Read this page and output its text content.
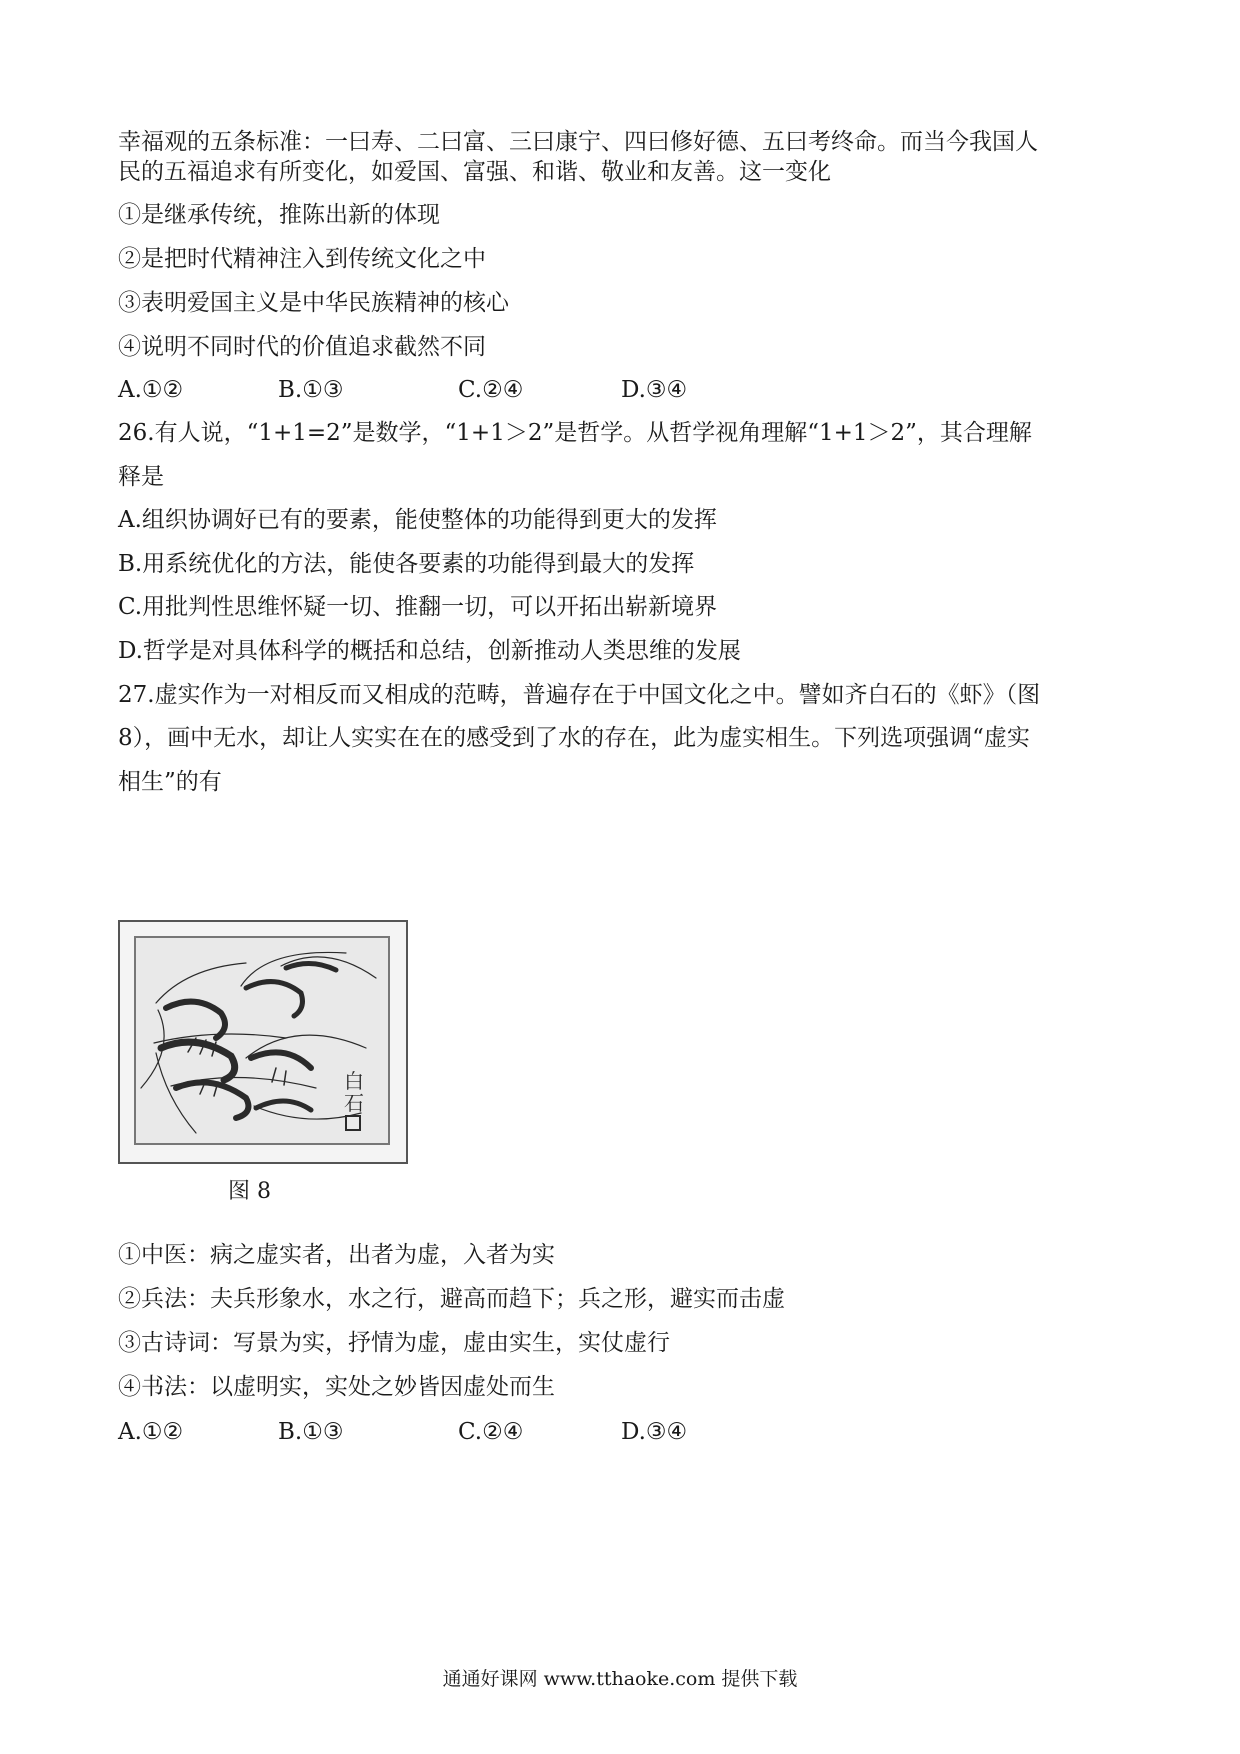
幸福观的五条标准：一曰寿、二曰富、三曰康宁、四曰修好德、五曰考终命。而当今我国人
民的五福追求有所变化，如爱国、富强、和谐、敬业和友善。这一变化
①是继承传统，推陈出新的体现
②是把时代精神注入到传统文化之中
③表明爱国主义是中华民族精神的核心
④说明不同时代的价值追求截然不同
A.①②	B.①③	C.②④	D.③④
26.有人说，“1+1=2”是数学，“1+1＞2”是哲学。从哲学视角理解“1+1＞2”，其合理解
释是
A.组织协调好已有的要素，能使整体的功能得到更大的发挥
B.用系统优化的方法，能使各要素的功能得到最大的发挥
C.用批判性思维怀疑一切、推翻一切，可以开拓出崭新境界
D.哲学是对具体科学的概括和总结，创新推动人类思维的发展
27.虚实作为一对相反而又相成的范畴，普遍存在于中国文化之中。譬如齐白石的《虾》（图
8），画中无水，却让人实实在在的感受到了水的存在，此为虚实相生。下列选项强调“虚实
相生”的有
白
石
图 8
①中医：病之虚实者，出者为虚，入者为实
②兵法：夫兵形象水，水之行，避高而趋下；兵之形，避实而击虚
③古诗词：写景为实，抒情为虚，虚由实生，实仗虚行
④书法：以虚明实，实处之妙皆因虚处而生
A.①②	B.①③	C.②④	D.③④
通通好课网 www.tthaoke.com 提供下载
